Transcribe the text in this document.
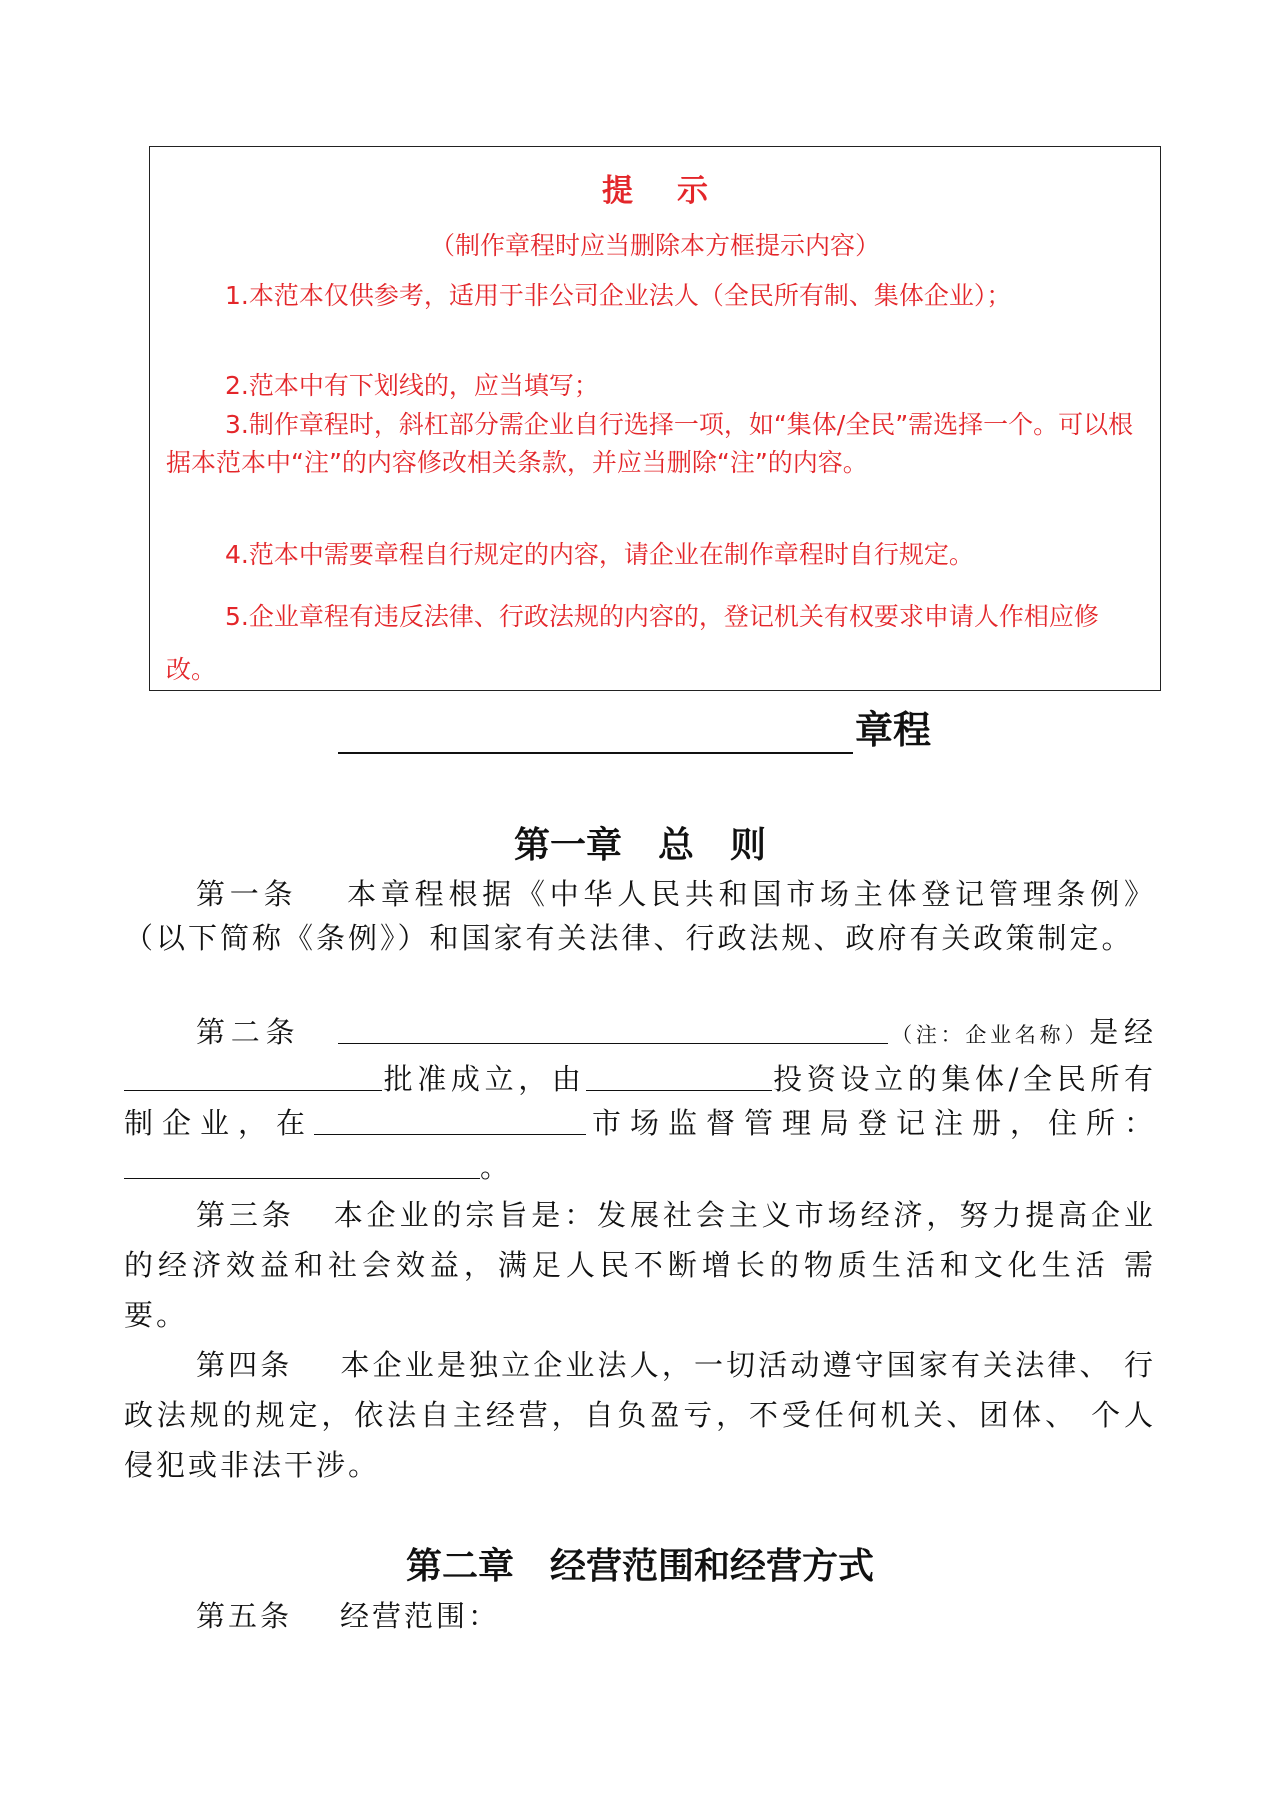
提示
（制作章程时应当删除本方框提示内容）
1.本范本仅供参考，适用于非公司企业法人（全民所有制、集体企业）；
2.范本中有下划线的，应当填写；
3.制作章程时，斜杠部分需企业自行选择一项，如“集体/全民”需选择一个。可以根据本范本中“注”的内容修改相关条款，并应当删除“注”的内容。
4.范本中需要章程自行规定的内容，请企业在制作章程时自行规定。
5.企业章程有违反法律、行政法规的内容的，登记机关有权要求申请人作相应修改。
章程
第一章　总　则
第一条 本章程根据《中华人民共和国市场主体登记管理条例》（以下简称《条例》）和国家有关法律、行政法规、政府有关政策制定。
第二条	（注：企业名称）是经批准成立，由	投资设立的集体/全民所有制企业，在	市场监督管理局登记注册，住所：。
第三条 本企业的宗旨是：发展社会主义市场经济，努力提高企业的经济效益和社会效益，满足人民不断增长的物质生活和文化生活 需要。
第四条 本企业是独立企业法人，一切活动遵守国家有关法律、 行政法规的规定，依法自主经营，自负盈亏，不受任何机关、团体、 个人侵犯或非法干涉。
第二章　经营范围和经营方式
第五条 经营范围：
